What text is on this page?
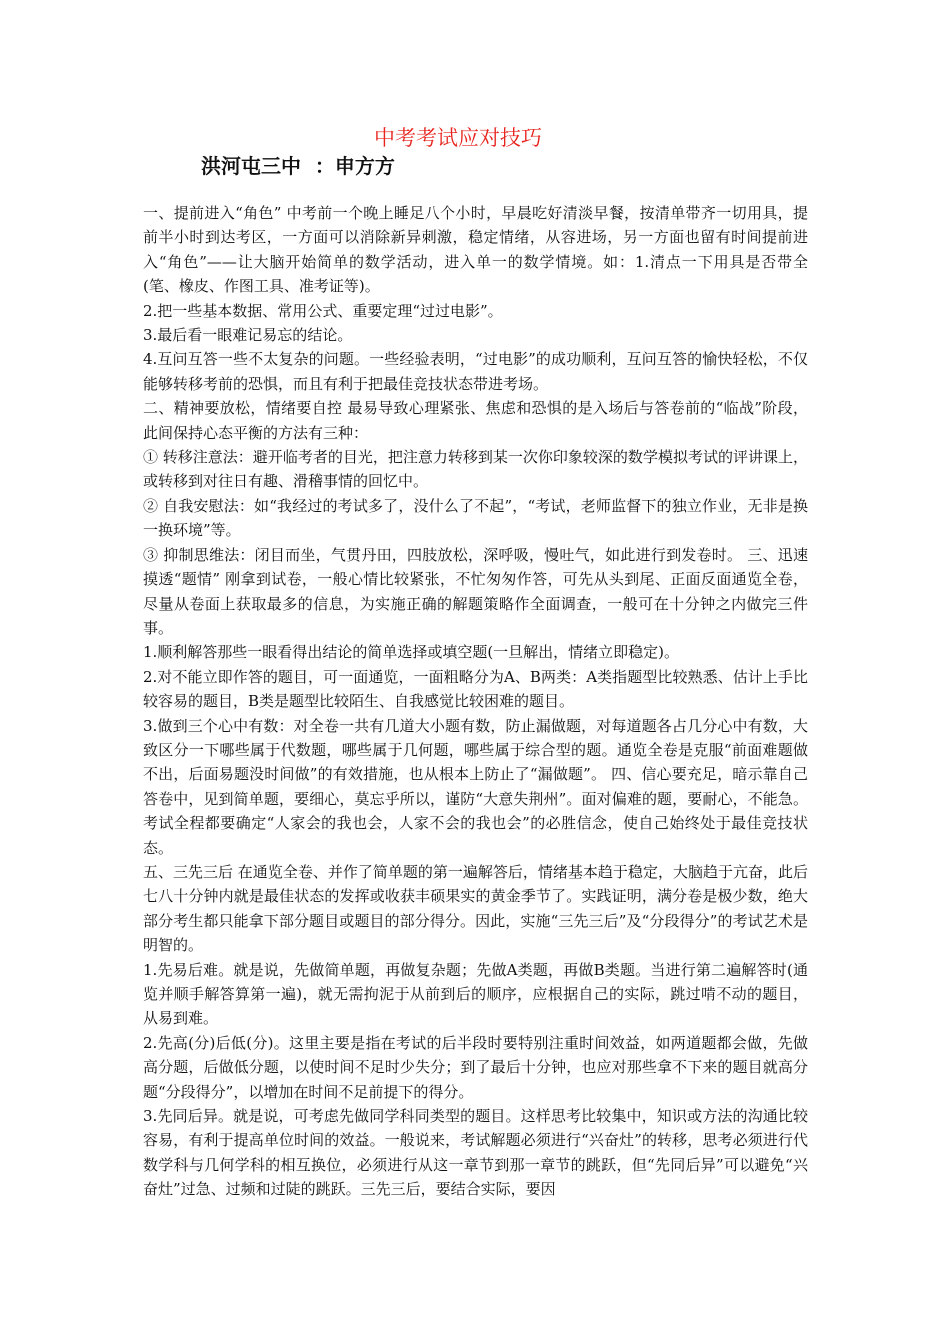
中考考试应对技巧
洪河屯三中  ：申方方

一、提前进入“角色” 中考前一个晚上睡足八个小时，早晨吃好清淡早餐，按清单带齐一切用具，提前半小时到达考区，一方面可以消除新异刺激，稳定情绪，从容进场，另一方面也留有时间提前进入“角色”——让大脑开始简单的数学活动，进入单一的数学情境。如：1.清点一下用具是否带全(笔、橡皮、作图工具、准考证等)。

2.把一些基本数据、常用公式、重要定理“过过电影”。

3.最后看一眼难记易忘的结论。

4.互问互答一些不太复杂的问题。一些经验表明，“过电影”的成功顺利，互问互答的愉快轻松，不仅能够转移考前的恐惧，而且有利于把最佳竞技状态带进考场。

二、精神要放松，情绪要自控 最易导致心理紧张、焦虑和恐惧的是入场后与答卷前的“临战”阶段，此间保持心态平衡的方法有三种：

① 转移注意法：避开临考者的目光，把注意力转移到某一次你印象较深的数学模拟考试的评讲课上，或转移到对往日有趣、滑稽事情的回忆中。

② 自我安慰法：如“我经过的考试多了，没什么了不起”，“考试，老师监督下的独立作业，无非是换一换环境”等。

③ 抑制思维法：闭目而坐，气贯丹田，四肢放松，深呼吸，慢吐气，如此进行到发卷时。 三、迅速摸透“题情” 刚拿到试卷，一般心情比较紧张，不忙匆匆作答，可先从头到尾、正面反面通览全卷，尽量从卷面上获取最多的信息，为实施正确的解题策略作全面调查，一般可在十分钟之内做完三件事。

1.顺利解答那些一眼看得出结论的简单选择或填空题(一旦解出，情绪立即稳定)。

2.对不能立即作答的题目，可一面通览，一面粗略分为A、B两类：A类指题型比较熟悉、估计上手比较容易的题目，B类是题型比较陌生、自我感觉比较困难的题目。

3.做到三个心中有数：对全卷一共有几道大小题有数，防止漏做题，对每道题各占几分心中有数，大致区分一下哪些属于代数题，哪些属于几何题，哪些属于综合型的题。通览全卷是克服“前面难题做不出，后面易题没时间做”的有效措施，也从根本上防止了“漏做题”。 四、信心要充足，暗示靠自己 答卷中，见到简单题，要细心，莫忘乎所以，谨防“大意失荆州”。面对偏难的题，要耐心，不能急。考试全程都要确定“人家会的我也会，人家不会的我也会”的必胜信念，使自己始终处于最佳竞技状态。

五、三先三后 在通览全卷、并作了简单题的第一遍解答后，情绪基本趋于稳定，大脑趋于亢奋，此后七八十分钟内就是最佳状态的发挥或收获丰硕果实的黄金季节了。实践证明，满分卷是极少数，绝大部分考生都只能拿下部分题目或题目的部分得分。因此，实施“三先三后”及“分段得分”的考试艺术是明智的。

1.先易后难。就是说，先做简单题，再做复杂题；先做A类题，再做B类题。当进行第二遍解答时(通览并顺手解答算第一遍)，就无需拘泥于从前到后的顺序，应根据自己的实际，跳过啃不动的题目，从易到难。

2.先高(分)后低(分)。这里主要是指在考试的后半段时要特别注重时间效益，如两道题都会做，先做高分题，后做低分题，以使时间不足时少失分；到了最后十分钟，也应对那些拿不下来的题目就高分题“分段得分”，以增加在时间不足前提下的得分。

3.先同后异。就是说，可考虑先做同学科同类型的题目。这样思考比较集中，知识或方法的沟通比较容易，有利于提高单位时间的效益。一般说来，考试解题必须进行“兴奋灶”的转移，思考必须进行代数学科与几何学科的相互换位，必须进行从这一章节到那一章节的跳跃，但“先同后异”可以避免“兴奋灶”过急、过频和过陡的跳跃。三先三后，要结合实际，要因
